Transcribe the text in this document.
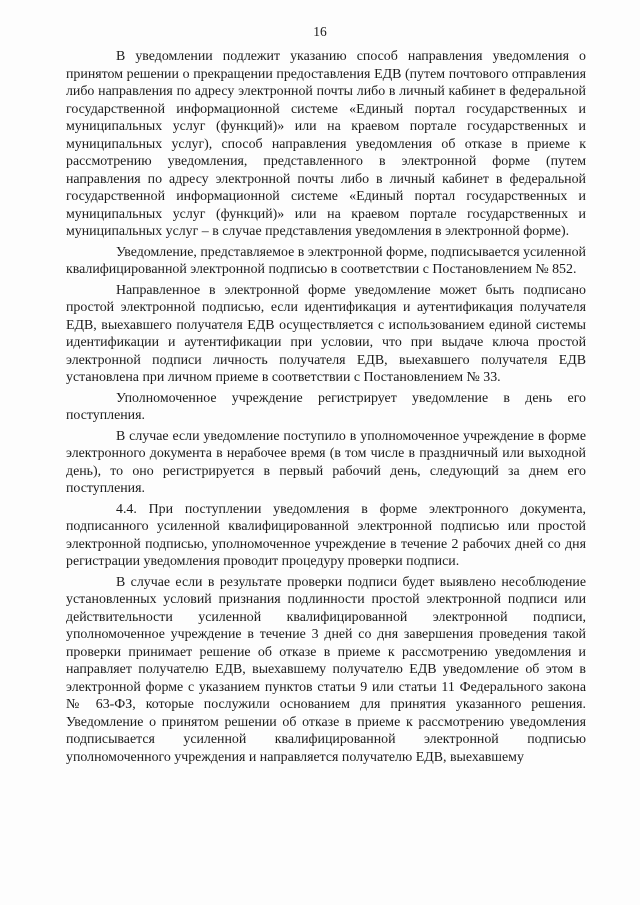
16

В уведомлении подлежит указанию способ направления уведомления о принятом решении о прекращении предоставления ЕДВ (путем почтового отправления либо направления по адресу электронной почты либо в личный кабинет в федеральной государственной информационной системе «Единый портал государственных и муниципальных услуг (функций)» или на краевом портале государственных и муниципальных услуг), способ направления уведомления об отказе в приеме к рассмотрению уведомления, представленного в электронной форме (путем направления по адресу электронной почты либо в личный кабинет в федеральной государственной информационной системе «Единый портал государственных и муниципальных услуг (функций)» или на краевом портале государственных и муниципальных услуг – в случае представления уведомления в электронной форме).

Уведомление, представляемое в электронной форме, подписывается усиленной квалифицированной электронной подписью в соответствии с Постановлением № 852.

Направленное в электронной форме уведомление может быть подписано простой электронной подписью, если идентификация и аутентификация получателя ЕДВ, выехавшего получателя ЕДВ осуществляется с использованием единой системы идентификации и аутентификации при условии, что при выдаче ключа простой электронной подписи личность получателя ЕДВ, выехавшего получателя ЕДВ установлена при личном приеме в соответствии с Постановлением № 33.

Уполномоченное учреждение регистрирует уведомление в день его поступления.

В случае если уведомление поступило в уполномоченное учреждение в форме электронного документа в нерабочее время (в том числе в праздничный или выходной день), то оно регистрируется в первый рабочий день, следующий за днем его поступления.

4.4. При поступлении уведомления в форме электронного документа, подписанного усиленной квалифицированной электронной подписью или простой электронной подписью, уполномоченное учреждение в течение 2 рабочих дней со дня регистрации уведомления проводит процедуру проверки подписи.

В случае если в результате проверки подписи будет выявлено несоблюдение установленных условий признания подлинности простой электронной подписи или действительности усиленной квалифицированной электронной подписи, уполномоченное учреждение в течение 3 дней со дня завершения проведения такой проверки принимает решение об отказе в приеме к рассмотрению уведомления и направляет получателю ЕДВ, выехавшему получателю ЕДВ уведомление об этом в электронной форме с указанием пунктов статьи 9 или статьи 11 Федерального закона № 63-ФЗ, которые послужили основанием для принятия указанного решения. Уведомление о принятом решении об отказе в приеме к рассмотрению уведомления подписывается усиленной квалифицированной электронной подписью уполномоченного учреждения и направляется получателю ЕДВ, выехавшему
